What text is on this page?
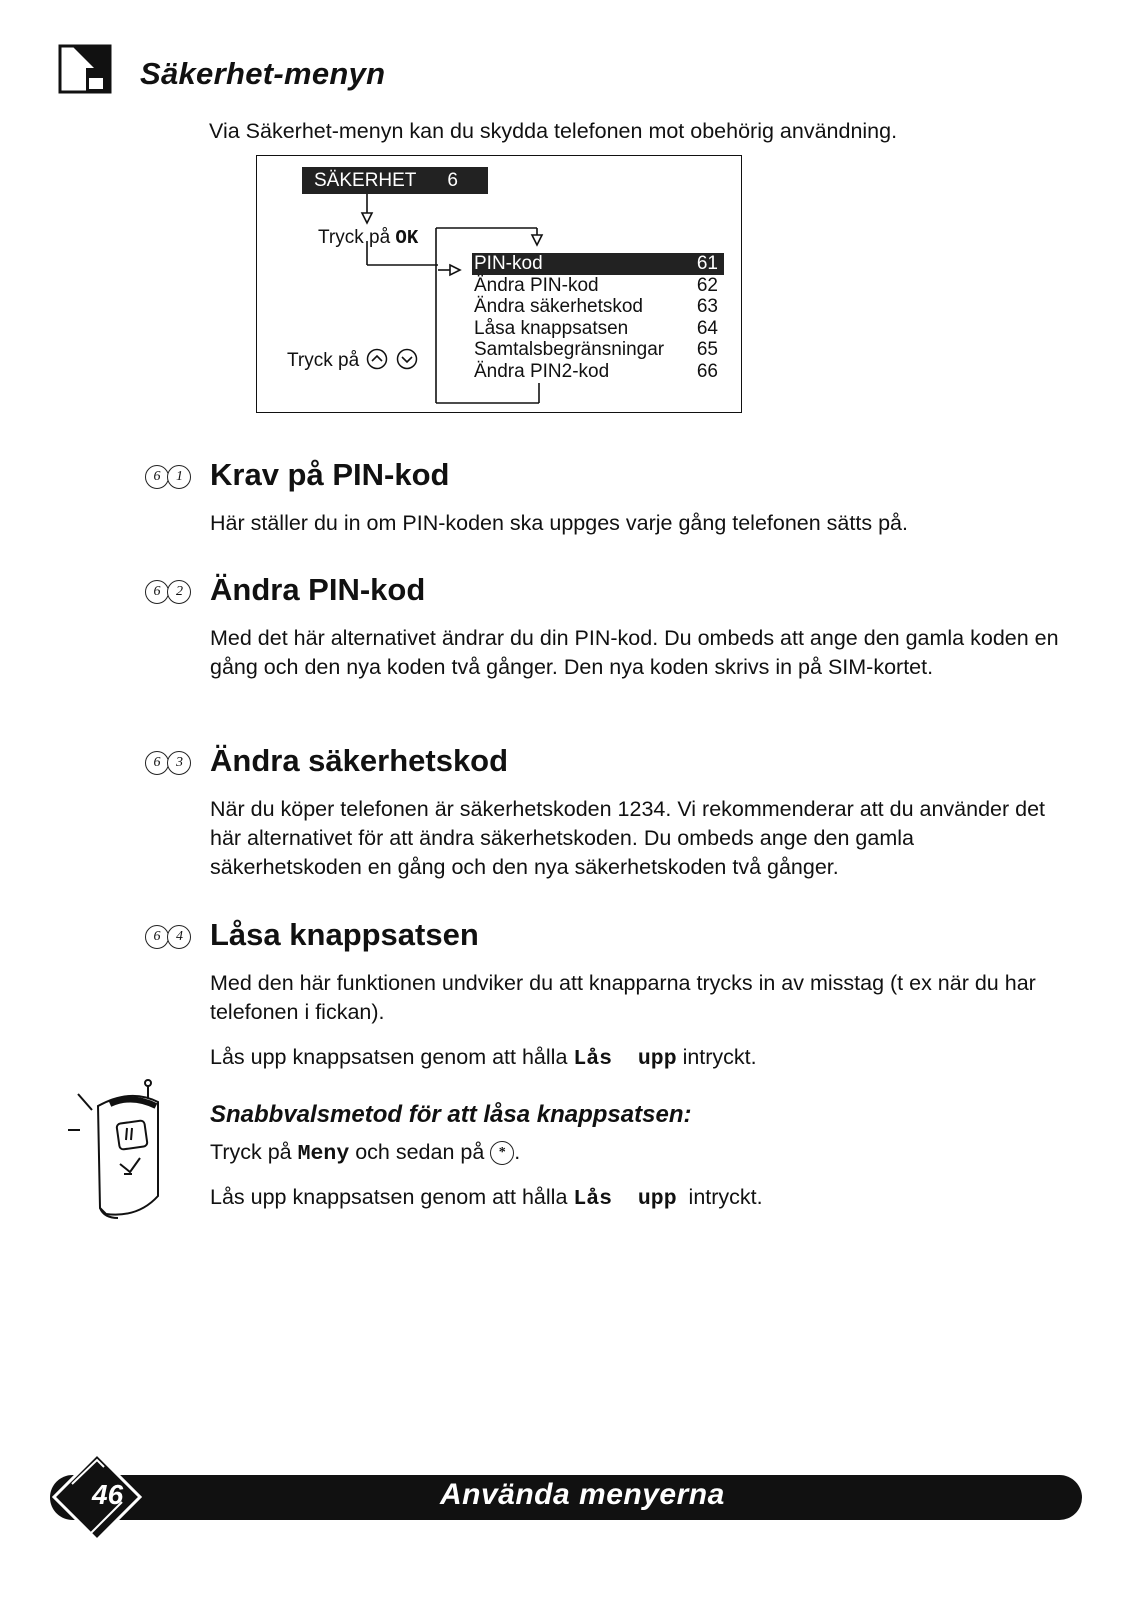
Säkerhet-menyn
Via Säkerhet-menyn kan du skydda telefonen mot obehörig användning.
SÄKERHET 6
Tryck på OK
Tryck på
PIN-kod	61
Ändra PIN-kod	62
Ändra säkerhetskod	63
Låsa knappsatsen	64
Samtalsbegränsningar 65
Ändra PIN2-kod	66
6 1 Krav på PIN-kod
Här ställer du in om PIN-koden ska uppges varje gång telefonen sätts på.
6 2 Ändra PIN-kod
Med det här alternativet ändrar du din PIN-kod. Du ombeds att ange den gamla koden en gång och den nya koden två gånger. Den nya koden skrivs in på SIM-kortet.
6 3 Ändra säkerhetskod
När du köper telefonen är säkerhetskoden 1234. Vi rekommenderar att du använder det här alternativet för att ändra säkerhetskoden. Du ombeds ange den gamla säkerhetskoden en gång och den nya säkerhetskoden två gånger.
6 4 Låsa knappsatsen
Med den här funktionen undviker du att knapparna trycks in av misstag (t ex när du har telefonen i fickan).
Lås upp knappsatsen genom att hålla Lås  upp intryckt.
Snabbvalsmetod för att låsa knappsatsen:
Tryck på Meny och sedan på * .
Lås upp knappsatsen genom att hålla Lås  upp  intryckt.
46	Använda menyerna
